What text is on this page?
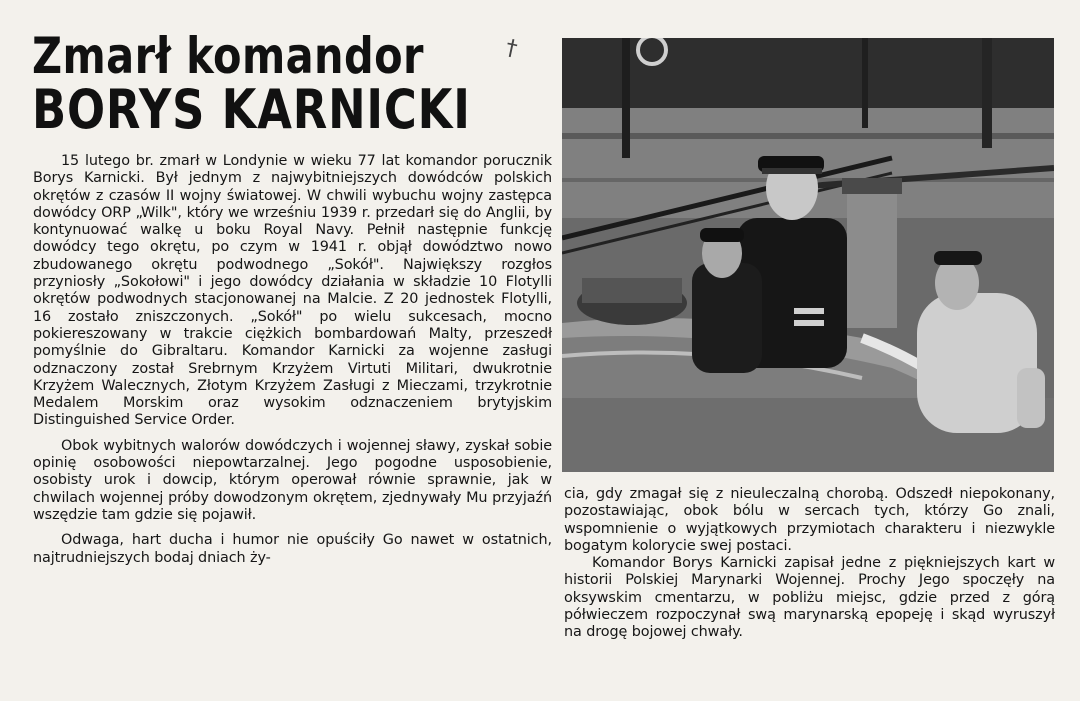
Zmarł komandor
BORYS KARNICKI
†

15 lutego br. zmarł w Londynie w wieku 77 lat komandor porucznik Borys Karnicki. Był jednym z najwybitniejszych dowódców polskich okrętów z czasów II wojny światowej. W chwili wybuchu wojny zastępca dowódcy ORP „Wilk", który we wrześniu 1939 r. przedarł się do Anglii, by kontynuować walkę u boku Royal Navy. Pełnił następnie funkcję dowódcy tego okrętu, po czym w 1941 r. objął dowództwo nowo zbudowanego okrętu podwodnego „Sokół". Największy rozgłos przyniosły „Sokołowi" i jego dowódcy działania w składzie 10 Flotylli okrętów podwodnych stacjonowanej na Malcie. Z 20 jednostek Flotylli, 16 zostało zniszczonych. „Sokół" po wielu sukcesach, mocno pokiereszowany w trakcie ciężkich bombardowań Malty, przeszedł pomyślnie do Gibraltaru. Komandor Karnicki za wojenne zasługi odznaczony został Srebrnym Krzyżem Virtuti Militari, dwukrotnie Krzyżem Walecznych, Złotym Krzyżem Zasługi z Mieczami, trzykrotnie Medalem Morskim oraz wysokim odznaczeniem brytyjskim Distinguished Service Order.

Obok wybitnych walorów dowódczych i wojennej sławy, zyskał sobie opinię osobowości niepowtarzalnej. Jego pogodne usposobienie, osobisty urok i dowcip, którym operował równie sprawnie, jak w chwilach wojennej próby dowodzonym okrętem, zjednywały Mu przyjaźń wszędzie tam gdzie się pojawił.

Odwaga, hart ducha i humor nie opuściły Go nawet w ostatnich, najtrudniejszych bodaj dniach ży-

cia, gdy zmagał się z nieuleczalną chorobą. Odszedł niepokonany, pozostawiając, obok bólu w sercach tych, którzy Go znali, wspomnienie o wyjątkowych przymiotach charakteru i niezwykle bogatym kolorycie swej postaci.

Komandor Borys Karnicki zapisał jedne z piękniejszych kart w historii Polskiej Marynarki Wojennej. Prochy Jego spoczęły na oksywskim cmentarzu, w pobliżu miejsc, gdzie przed z górą półwieczem rozpoczynał swą marynarską epopeję i skąd wyruszył na drogę bojowej chwały.
